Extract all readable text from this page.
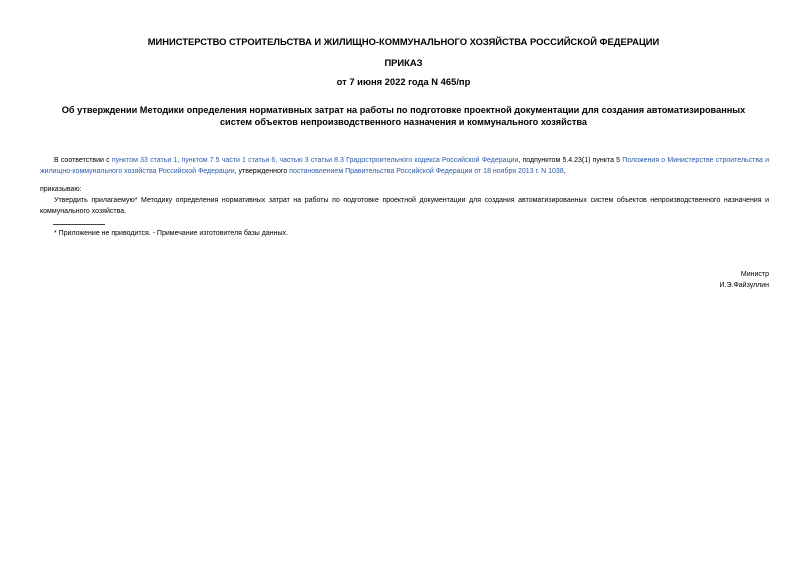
МИНИСТЕРСТВО СТРОИТЕЛЬСТВА И ЖИЛИЩНО-КОММУНАЛЬНОГО ХОЗЯЙСТВА РОССИЙСКОЙ ФЕДЕРАЦИИ
ПРИКАЗ
от 7 июня 2022 года N 465/пр
Об утверждении Методики определения нормативных затрат на работы по подготовке проектной документации для создания автоматизированных систем объектов непроизводственного назначения и коммунального хозяйства
В соответствии с пунктом 33 статьи 1, пунктом 7.5 части 1 статьи 6, частью 3 статьи 8.3 Градостроительного кодекса Российской Федерации, подпунктом 5.4.23(1) пункта 5 Положения о Министерстве строительства и жилищно-коммунального хозяйства Российской Федерации, утвержденного постановлением Правительства Российской Федерации от 18 ноября 2013 г. N 1038,
приказываю:
Утвердить прилагаемую* Методику определения нормативных затрат на работы по подготовке проектной документации для создания автоматизированных систем объектов непроизводственного назначения и коммунального хозяйства.
* Приложение не приводится. - Примечание изготовителя базы данных.
Министр
И.Э.Файзуллин
